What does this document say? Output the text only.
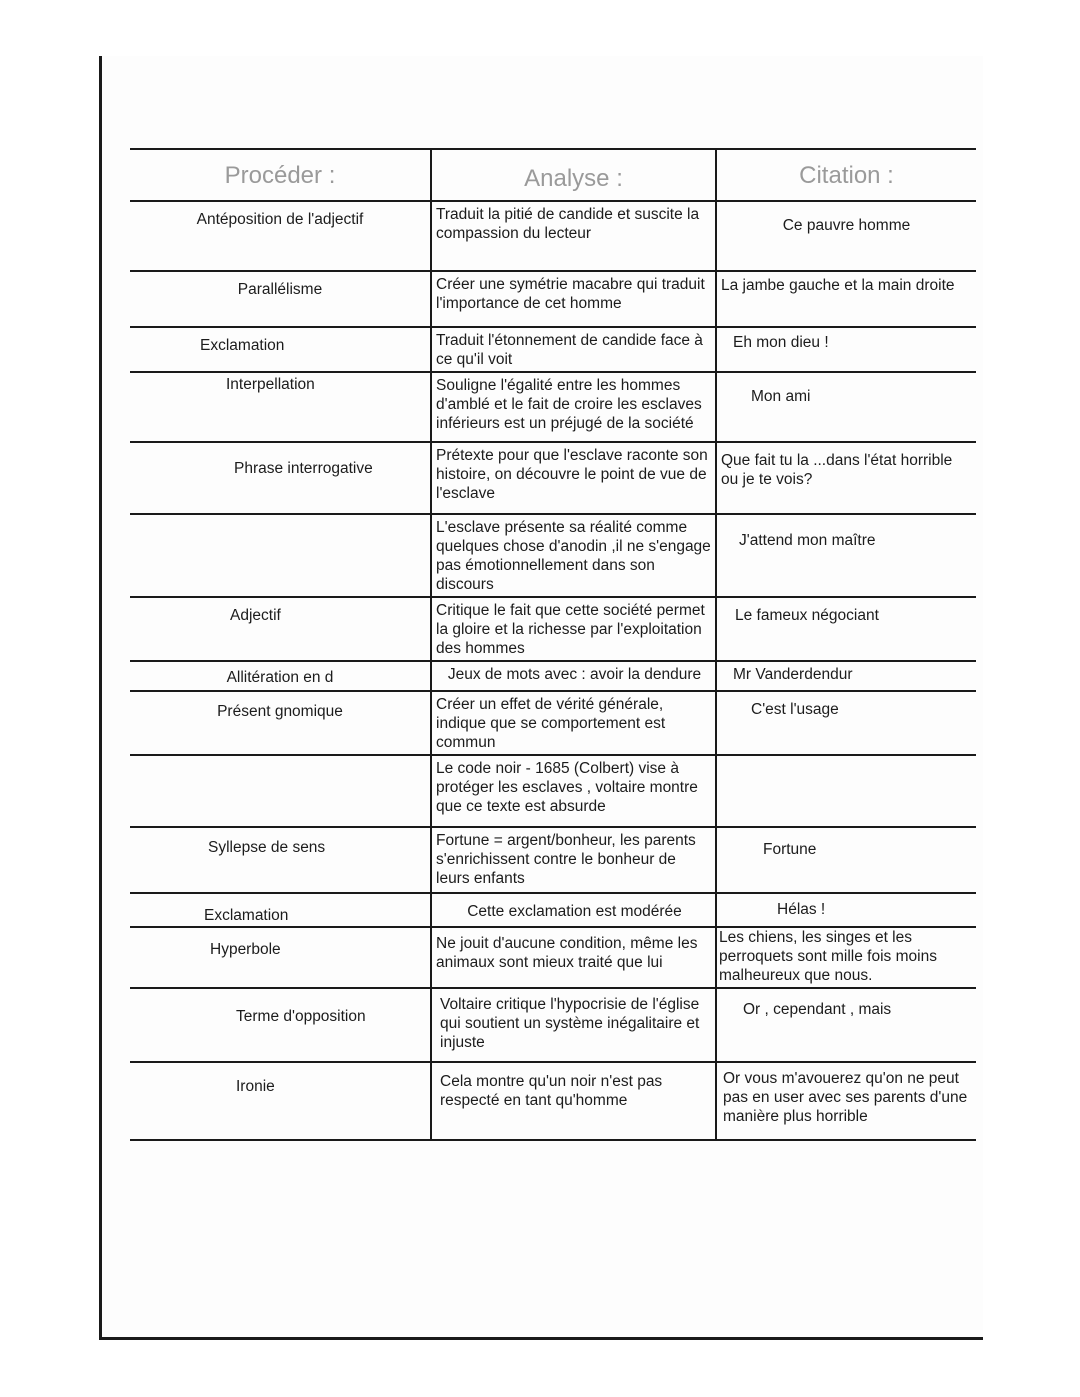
Procéder :	Analyse :	Citation :
Antéposition de l'adjectif	Traduit la pitié de candide et suscite la compassion du lecteur	Ce pauvre homme
Parallélisme	Créer une symétrie macabre qui traduit l'importance de cet homme	La jambe gauche et la main droite
Exclamation	Traduit l'étonnement de candide face à ce qu'il voit	Eh mon dieu !
Interpellation	Souligne l'égalité entre les hommes d'amblé et le fait de croire les esclaves inférieurs est un préjugé de la société	Mon ami
Phrase interrogative	Prétexte pour que l'esclave raconte son histoire, on découvre le point de vue de l'esclave	Que fait tu la ...dans l'état horrible ou je te vois?
	L'esclave présente sa réalité comme quelques chose d'anodin ,il ne s'engage pas émotionnellement dans son discours	J'attend mon maître
Adjectif	Critique le fait que cette société permet la gloire et la richesse par l'exploitation des hommes	Le fameux négociant
Allitération en d	Jeux de mots avec : avoir la dendure	Mr Vanderdendur
Présent gnomique	Créer un effet de vérité générale, indique que se comportement est commun	C'est l'usage
	Le code noir - 1685 (Colbert) vise à protéger les esclaves , voltaire montre que ce texte est absurde	
Syllepse de sens	Fortune = argent/bonheur, les parents s'enrichissent contre le bonheur de leurs enfants	Fortune
Exclamation	Cette exclamation est modérée	Hélas !
Hyperbole	Ne jouit d'aucune condition, même les animaux sont mieux traité que lui	Les chiens, les singes et les perroquets sont mille fois moins malheureux que nous.
Terme d'opposition	Voltaire critique l'hypocrisie de l'église qui soutient un système inégalitaire et injuste	Or , cependant , mais
Ironie	Cela montre qu'un noir n'est pas respecté en tant qu'homme	Or vous m'avouerez qu'on ne peut pas en user avec ses parents d'une manière plus horrible
